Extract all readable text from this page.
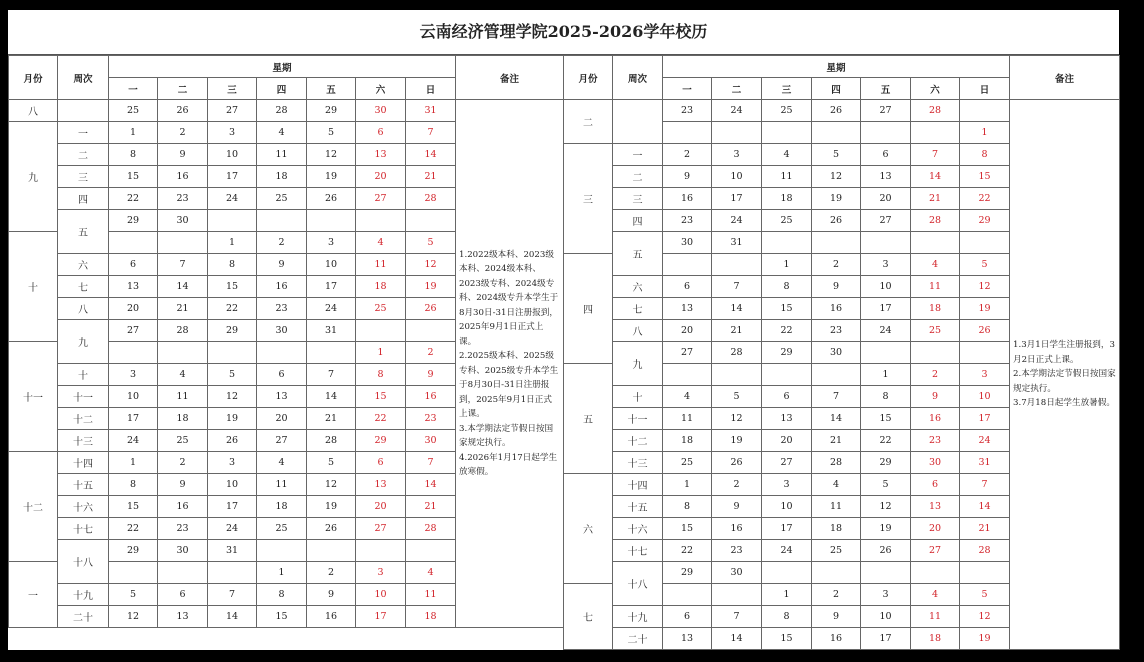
云南经济管理学院2025-2026学年校历
月份	周次	星期							备注
		一	二	三	四	五	六	日	
八		25	26	27	28	29	30	31	1.2022级本科、2023级本科、2024级本科、2023级专科、2024级专科、2024级专升本学生于8月30日-31日注册报到，2025年9月1日正式上课。
2.2025级本科、2025级专科、2025级专升本学生于8月30日-31日注册报到，2025年9月1日正式上课。
3.本学期法定节假日按国家规定执行。
4.2026年1月17日起学生放寒假。

九	一	1	2	3	4	5	6	7	
	二	8	9	10	11	12	13	14	
	三	15	16	17	18	19	20	21	
	四	22	23	24	25	26	27	28	
	五	29	30						
十				1	2	3	4	5	
	六	6	7	8	9	10	11	12	
	七	13	14	15	16	17	18	19	
	八	20	21	22	23	24	25	26	
	九	27	28	29	30	31			
十一							1	2	
	十	3	4	5	6	7	8	9	
	十一	10	11	12	13	14	15	16	
	十二	17	18	19	20	21	22	23	
	十三	24	25	26	27	28	29	30	
十二	十四	1	2	3	4	5	6	7	
	十五	8	9	10	11	12	13	14	
	十六	15	16	17	18	19	20	21	
	十七	22	23	24	25	26	27	28	
	十八	29	30	31					
一					1	2	3	4	
	十九	5	6	7	8	9	10	11	
	二十	12	13	14	15	16	17	18	
月份	周次	星期							备注
		一	二	三	四	五	六	日	
二		23	24	25	26	27	28		1.3月1日学生注册报到，3月2日正式上课。
2.本学期法定节假日按国家规定执行。
3.7月18日起学生放暑假。

								1	
三	一	2	3	4	5	6	7	8	
	二	9	10	11	12	13	14	15	
	三	16	17	18	19	20	21	22	
	四	23	24	25	26	27	28	29	
	五	30	31						
四				1	2	3	4	5	
	六	6	7	8	9	10	11	12	
	七	13	14	15	16	17	18	19	
	八	20	21	22	23	24	25	26	
	九	27	28	29	30				
五						1	2	3	
	十	4	5	6	7	8	9	10	
	十一	11	12	13	14	15	16	17	
	十二	18	19	20	21	22	23	24	
	十三	25	26	27	28	29	30	31	
六	十四	1	2	3	4	5	6	7	
	十五	8	9	10	11	12	13	14	
	十六	15	16	17	18	19	20	21	
	十七	22	23	24	25	26	27	28	
	十八	29	30						
七				1	2	3	4	5	
	十九	6	7	8	9	10	11	12	
	二十	13	14	15	16	17	18	19	
